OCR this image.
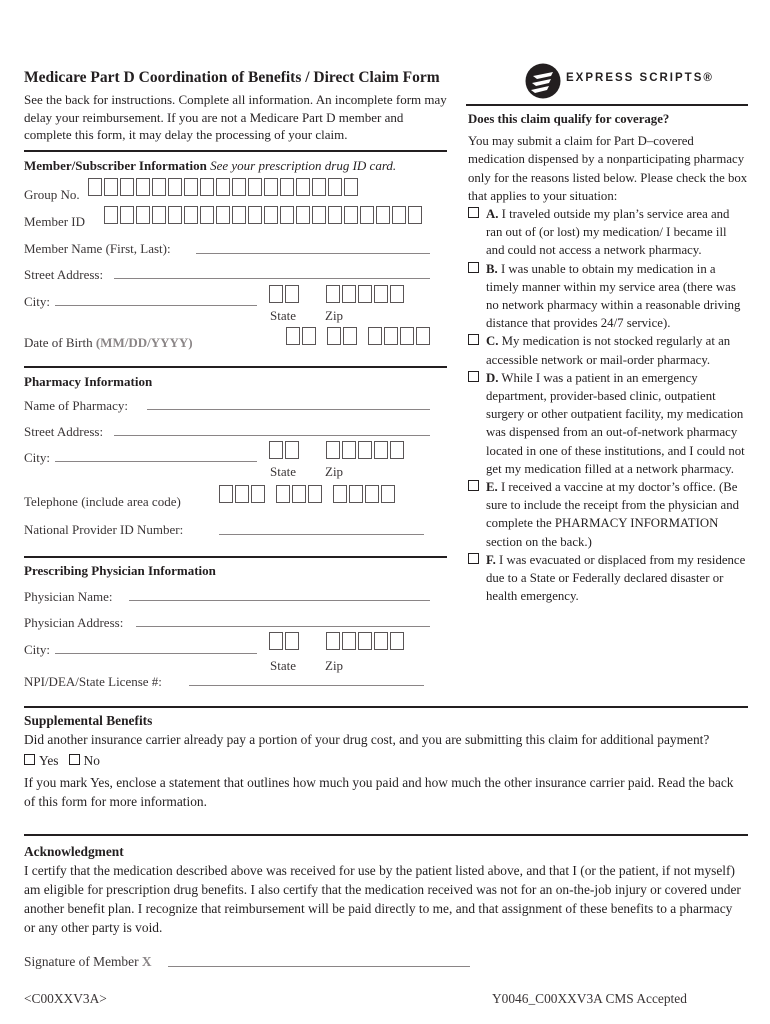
Medicare Part D Coordination of Benefits / Direct Claim Form
See the back for instructions. Complete all information. An incomplete form may delay your reimbursement. If you are not a Medicare Part D member and complete this form, it may delay the processing of your claim.
EXPRESS SCRIPTS®
Member/Subscriber Information See your prescription drug ID card.
Group No.
Member ID
Member Name (First, Last):
Street Address:
City:
State Zip
Date of Birth (MM/DD/YYYY)
Pharmacy Information
Name of Pharmacy:
Street Address:
City:
State Zip
Telephone (include area code)
National Provider ID Number:
Prescribing Physician Information
Physician Name:
Physician Address:
City:
State Zip
NPI/DEA/State License #:
Does this claim qualify for coverage?
You may submit a claim for Part D–covered medication dispensed by a nonparticipating pharmacy only for the reasons listed below. Please check the box that applies to your situation:
A. I traveled outside my plan’s service area and ran out of (or lost) my medication/ I became ill and could not access a network pharmacy.
B. I was unable to obtain my medication in a timely manner within my service area (there was no network pharmacy within a reasonable driving distance that provides 24/7 service).
C. My medication is not stocked regularly at an accessible network or mail-order pharmacy.
D. While I was a patient in an emergency department, provider-based clinic, outpatient surgery or other outpatient facility, my medication was dispensed from an out-of-network pharmacy located in one of these institutions, and I could not get my medication filled at a network pharmacy.
E. I received a vaccine at my doctor’s office. (Be sure to include the receipt from the physician and complete the PHARMACY INFORMATION section on the back.)
F. I was evacuated or displaced from my residence due to a State or Federally declared disaster or health emergency.
Supplemental Benefits
Did another insurance carrier already pay a portion of your drug cost, and you are submitting this claim for additional payment?
Yes No
If you mark Yes, enclose a statement that outlines how much you paid and how much the other insurance carrier paid. Read the back of this form for more information.
Acknowledgment
I certify that the medication described above was received for use by the patient listed above, and that I (or the patient, if not myself) am eligible for prescription drug benefits. I also certify that the medication received was not for an on-the-job injury or covered under another benefit plan. I recognize that reimbursement will be paid directly to me, and that assignment of these benefits to a pharmacy or any other party is void.
Signature of Member X
<C00XXV3A>	Y0046_C00XXV3A CMS Accepted
